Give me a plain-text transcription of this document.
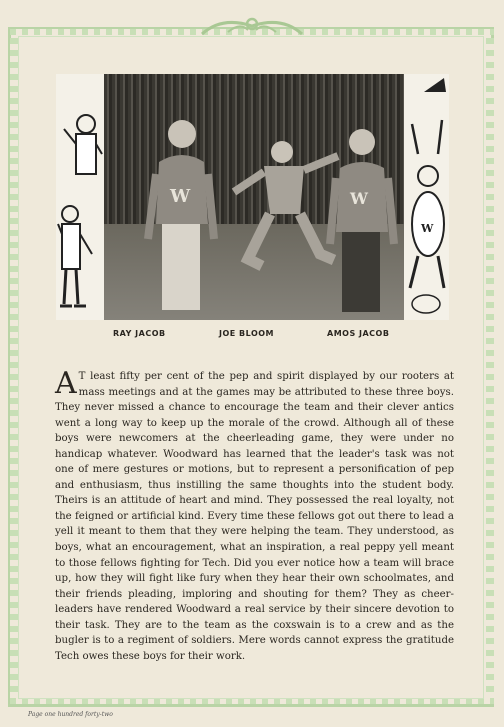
W	W
W
RAY JACOB	JOE BLOOM	AMOS JACOB

A T least fifty per cent of the pep and spirit displayed by our rooters at mass meetings and at the games may be attributed to these three boys. They never missed a chance to encourage the team and their clever antics went a long way to keep up the morale of the crowd. Although all of these boys were newcomers at the cheerleading game, they were under no handicap whatever. Woodward has learned that the leader's task was not one of mere gestures or motions, but to represent a personification of pep and enthusiasm, thus instilling the same thoughts into the student body. Theirs is an attitude of heart and mind. They possessed the real loyalty, not the feigned or artificial kind. Every time these fellows got out there to lead a yell it meant to them that they were helping the team. They understood, as boys, what an encouragement, what an inspiration, a real peppy yell meant to those fellows fighting for Tech. Did you ever notice how a team will brace up, how they will fight like fury when they hear their own schoolmates, and their friends pleading, imploring and shouting for them? They as cheer-leaders have rendered Woodward a real service by their sincere devotion to their task. They are to the team as the coxswain is to a crew and as the bugler is to a regiment of soldiers. Mere words cannot express the gratitude Tech owes these boys for their work.

Page one hundred forty-two
